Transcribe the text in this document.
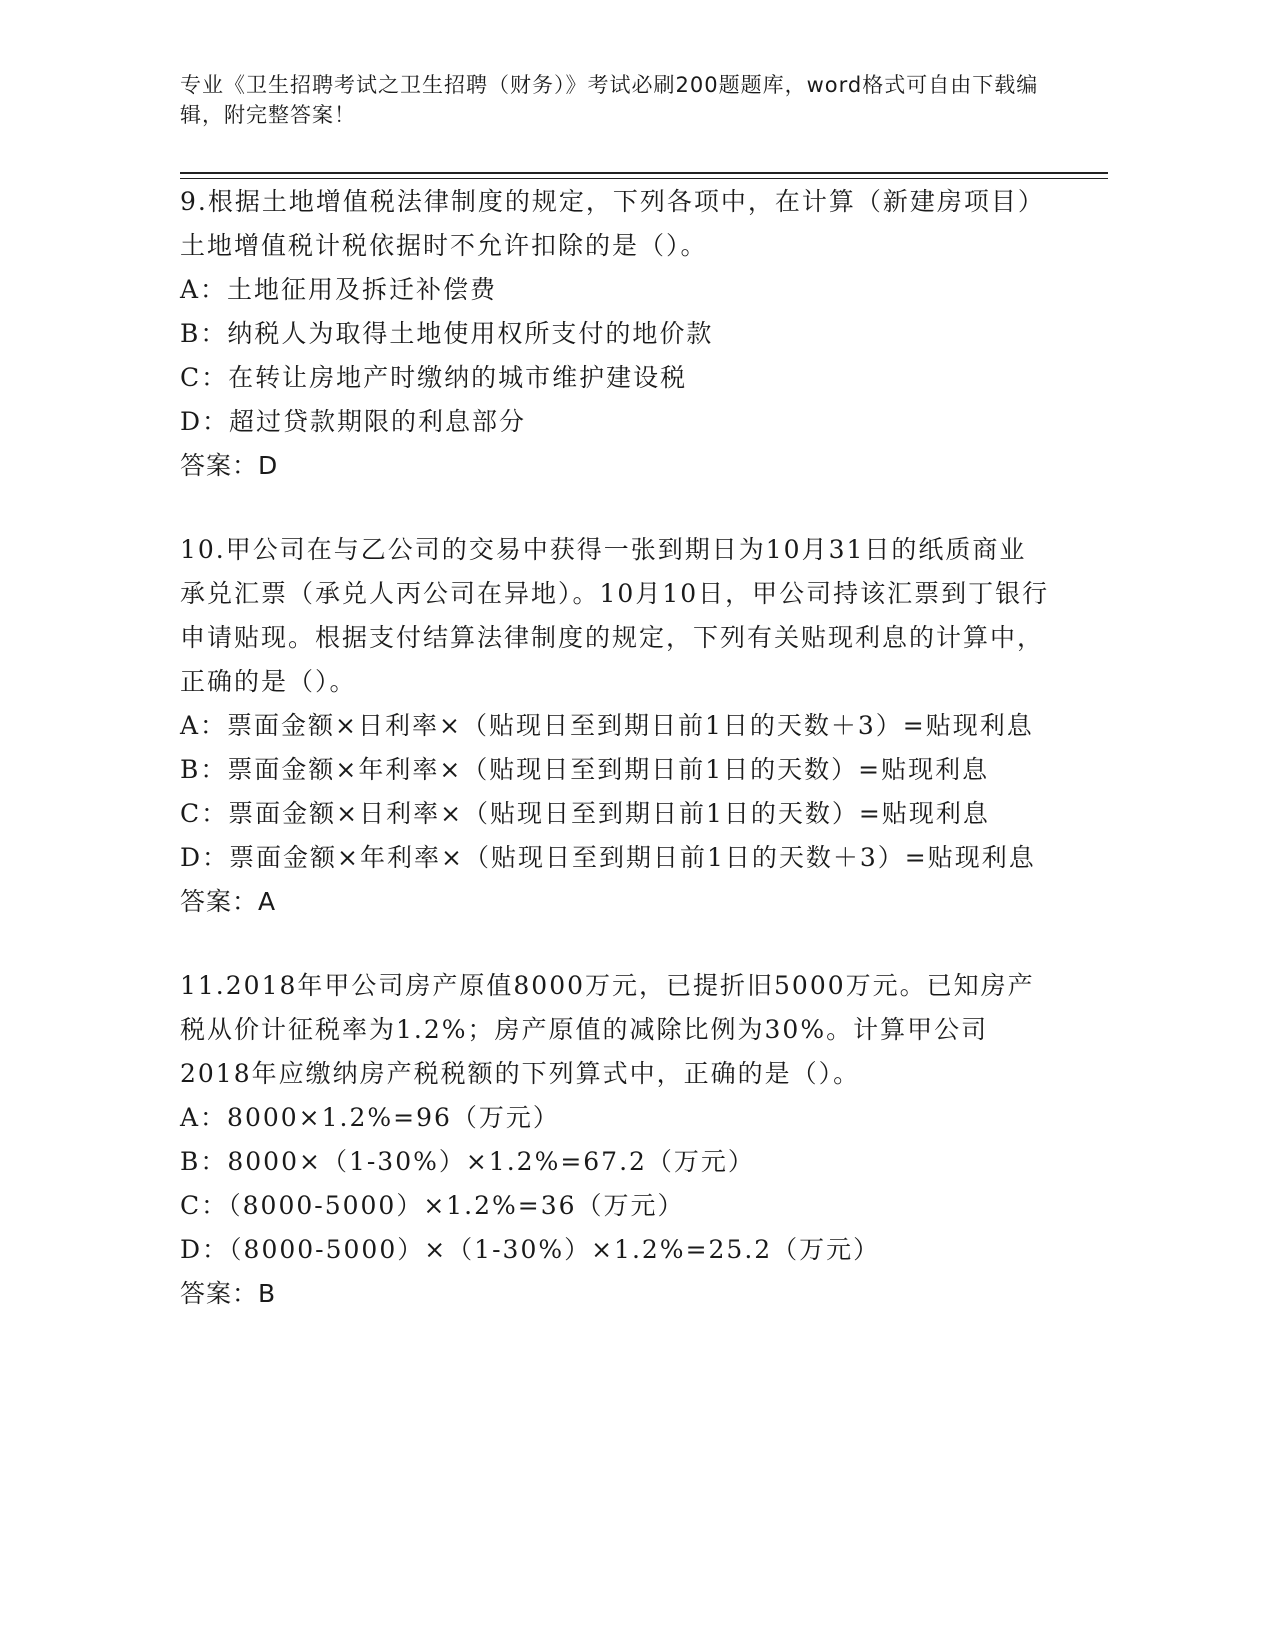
专业《卫生招聘考试之卫生招聘（财务）》考试必刷200题题库，word格式可自由下载编辑，附完整答案！

9.根据土地增值税法律制度的规定，下列各项中，在计算（新建房项目）土地增值税计税依据时不允许扣除的是（）。

A：土地征用及拆迁补偿费

B：纳税人为取得土地使用权所支付的地价款

C：在转让房地产时缴纳的城市维护建设税

D：超过贷款期限的利息部分

答案：D

10.甲公司在与乙公司的交易中获得一张到期日为10月31日的纸质商业承兑汇票（承兑人丙公司在异地）。10月10日，甲公司持该汇票到丁银行申请贴现。根据支付结算法律制度的规定，下列有关贴现利息的计算中，正确的是（）。

A：票面金额×日利率×（贴现日至到期日前1日的天数＋3）=贴现利息

B：票面金额×年利率×（贴现日至到期日前1日的天数）=贴现利息

C：票面金额×日利率×（贴现日至到期日前1日的天数）=贴现利息

D：票面金额×年利率×（贴现日至到期日前1日的天数＋3）=贴现利息

答案：A

11.2018年甲公司房产原值8000万元，已提折旧5000万元。已知房产税从价计征税率为1.2%；房产原值的减除比例为30%。计算甲公司2018年应缴纳房产税税额的下列算式中，正确的是（）。

A：8000×1.2%=96（万元）

B：8000×（1-30%）×1.2%=67.2（万元）

C：（8000-5000）×1.2%=36（万元）

D：（8000-5000）×（1-30%）×1.2%=25.2（万元）

答案：B
